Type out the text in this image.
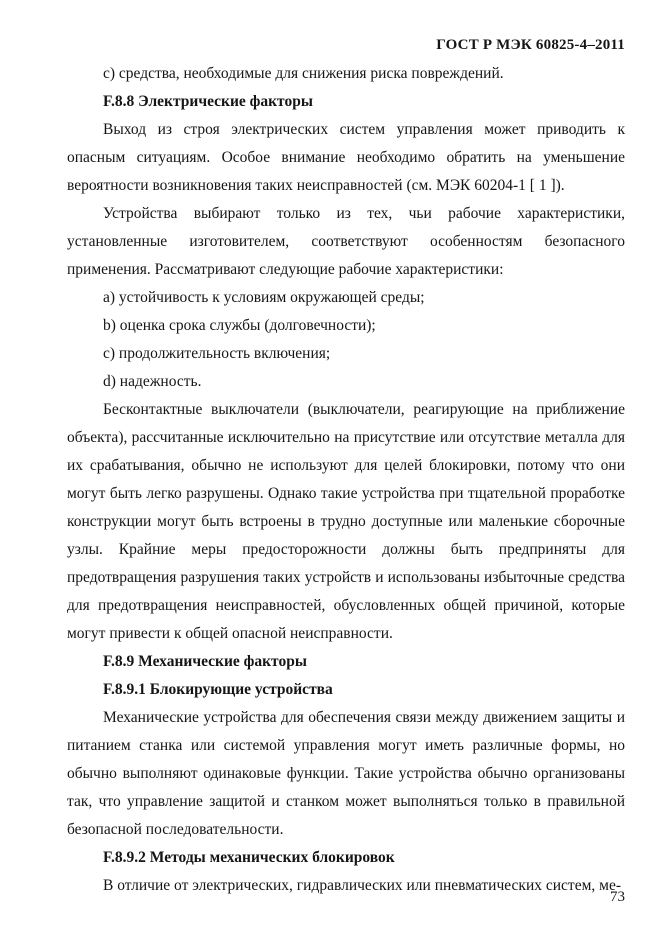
ГОСТ Р МЭК 60825-4–2011

c) средства, необходимые для снижения риска повреждений.

F.8.8 Электрические факторы

Выход из строя электрических систем управления может приводить к опасным ситуациям. Особое внимание необходимо обратить на уменьшение вероятности возникновения таких неисправностей (см. МЭК 60204-1 [ 1 ]).

Устройства выбирают только из тех, чьи рабочие характеристики, установленные изготовителем, соответствуют особенностям безопасного применения. Рассматривают следующие рабочие характеристики:

a) устойчивость к условиям окружающей среды;

b) оценка срока службы (долговечности);

c) продолжительность включения;

d) надежность.

Бесконтактные выключатели (выключатели, реагирующие на приближение объекта), рассчитанные исключительно на присутствие или отсутствие металла для их срабатывания, обычно не используют для целей блокировки, потому что они могут быть легко разрушены. Однако такие устройства при тщательной проработке конструкции могут быть встроены в трудно доступные или маленькие сборочные узлы. Крайние меры предосторожности должны быть предприняты для предотвращения разрушения таких устройств и использованы избыточные средства для предотвращения неисправностей, обусловленных общей причиной, которые могут привести к общей опасной неисправности.

F.8.9 Механические факторы

F.8.9.1 Блокирующие устройства

Механические устройства для обеспечения связи между движением защиты и питанием станка или системой управления могут иметь различные формы, но обычно выполняют одинаковые функции. Такие устройства обычно организованы так, что управление защитой и станком может выполняться только в правильной безопасной последовательности.

F.8.9.2 Методы механических блокировок

В отличие от электрических, гидравлических или пневматических систем, ме-

73
